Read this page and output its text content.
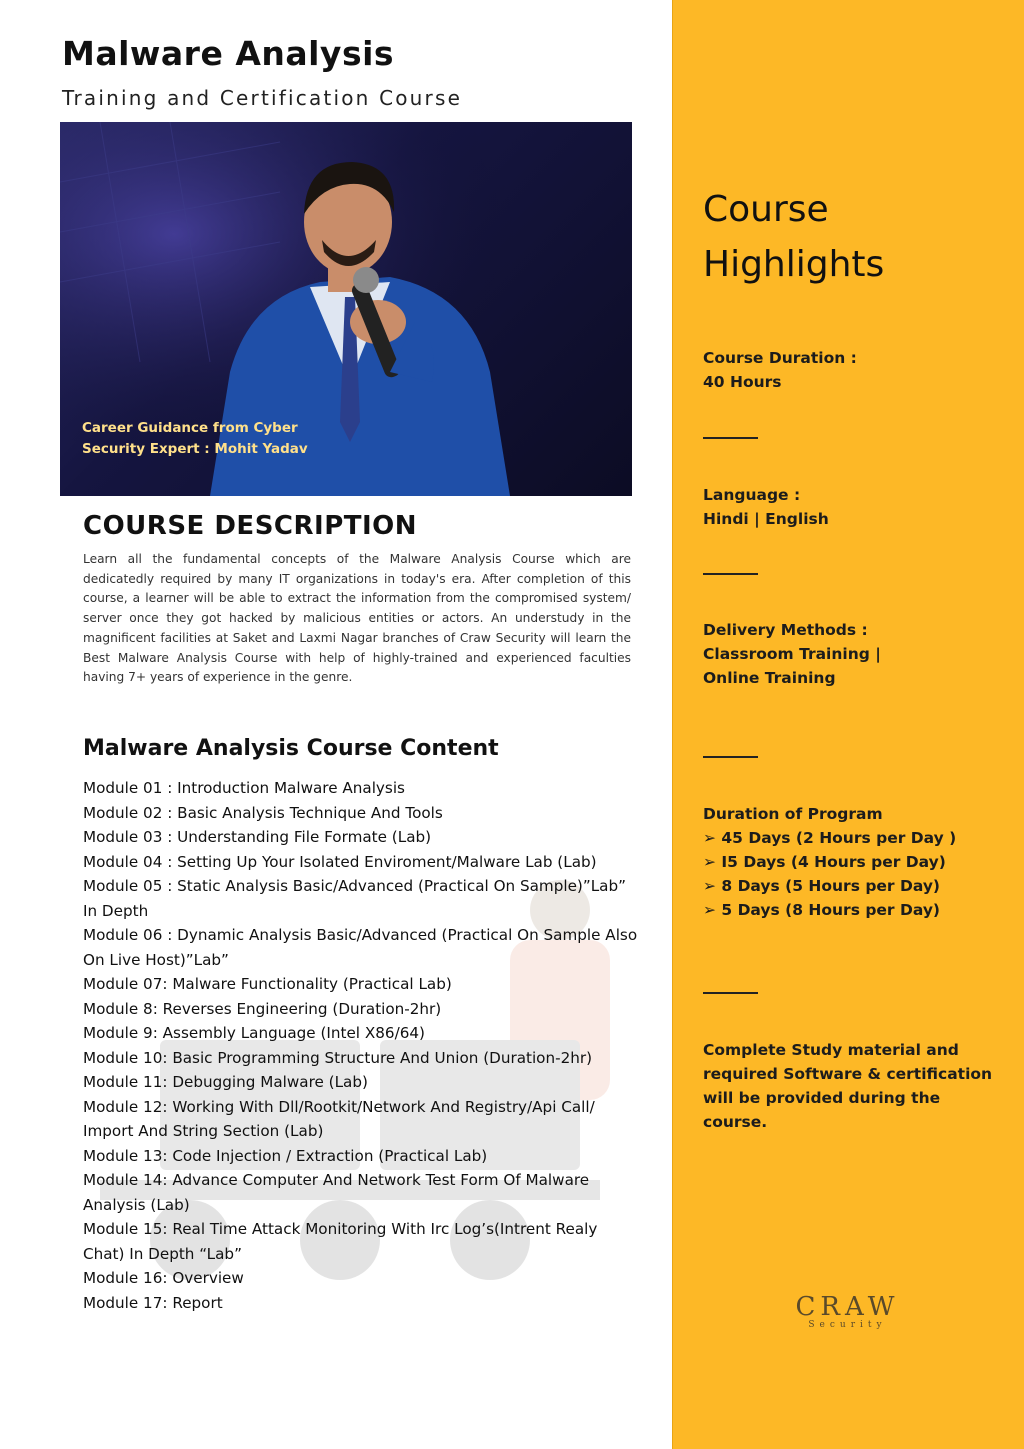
Malware Analysis
Training and Certification Course
Career Guidance from Cyber
Security Expert : Mohit Yadav
COURSE DESCRIPTION

Learn all the fundamental concepts of the Malware Analysis Course which are dedicatedly required by many IT organizations in today's era. After completion of this course, a learner will be able to extract the information from the compromised system/ server once they got hacked by malicious entities or actors. An understudy in the magnificent facilities at Saket and Laxmi Nagar branches of Craw Security will learn the Best Malware Analysis Course with help of highly-trained and experienced faculties having 7+ years of experience in the genre.

Malware Analysis Course Content
Module 01 : Introduction Malware Analysis
Module 02 : Basic Analysis Technique And Tools
Module 03 : Understanding File Formate (Lab)
Module 04 : Setting Up Your Isolated Enviroment/Malware Lab (Lab)
Module 05 : Static Analysis Basic/Advanced (Practical On Sample)”Lab” In Depth
Module 06 : Dynamic Analysis Basic/Advanced (Practical On Sample Also On Live Host)”Lab”
Module 07: Malware Functionality (Practical Lab)
Module 8: Reverses Engineering (Duration-2hr)
Module 9: Assembly Language (Intel X86/64)
Module 10: Basic Programming Structure And Union (Duration-2hr)
Module 11: Debugging Malware (Lab)
Module 12: Working With Dll/Rootkit/Network And Registry/Api Call/ Import And String Section (Lab)
Module 13: Code Injection / Extraction (Practical Lab)
Module 14: Advance Computer And Network Test Form Of Malware Analysis (Lab)
Module 15: Real Time Attack Monitoring With Irc Log’s(Intrent Realy Chat) In Depth “Lab”
Module 16: Overview
Module 17: Report
Course
Highlights
Course Duration :
40 Hours
Language :
Hindi | English
Delivery Methods :
Classroom Training |
Online Training
Duration of Program
➢ 45 Days (2 Hours per Day )
➢ I5 Days (4 Hours per Day)
➢ 8 Days (5 Hours per Day)
➢ 5 Days (8 Hours per Day)
Complete Study material and
required Software & certification
will be provided during the
course.
CRAW
Security
